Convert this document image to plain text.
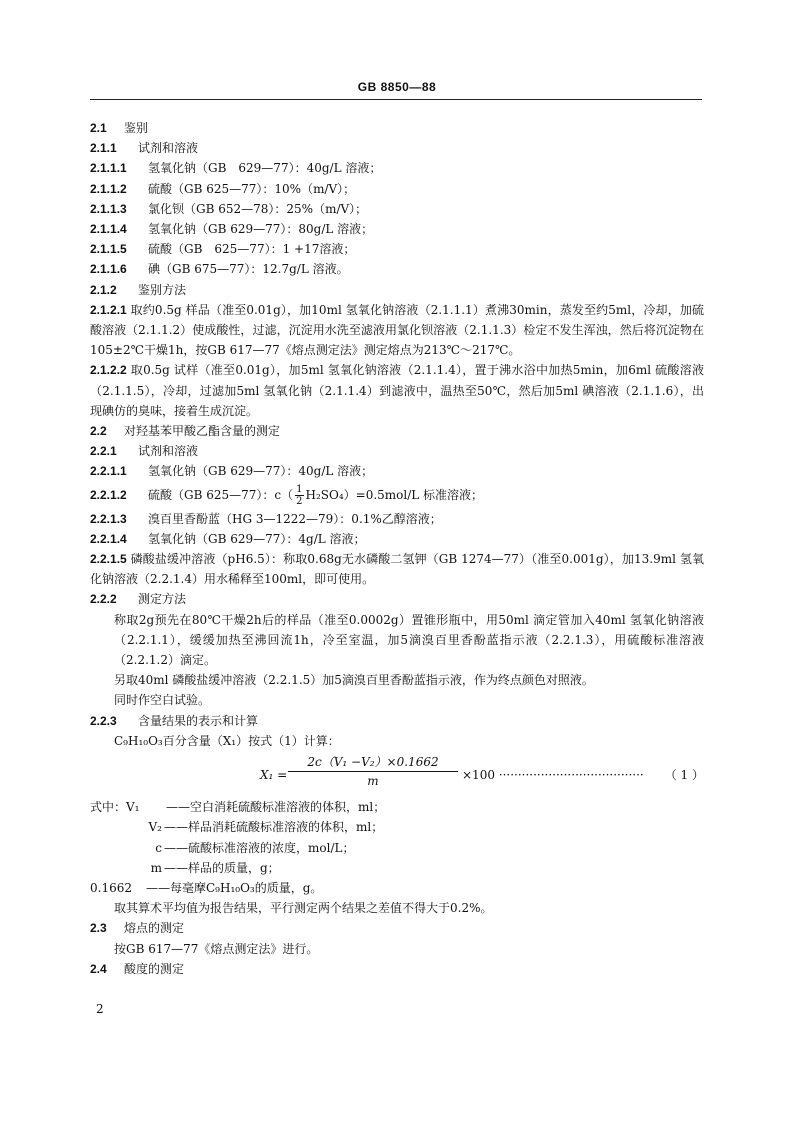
GB 8850—88
2.1	鉴别
2.1.1	试剂和溶液
2.1.1.1	氢氧化钠（GB　629—77）：40g/L 溶液；
2.1.1.2	硫酸（GB 625—77）：10%（m/V）；
2.1.1.3	氯化钡（GB 652—78）：25%（m/V）；
2.1.1.4	氢氧化钠（GB 629—77）：80g/L 溶液；
2.1.1.5	硫酸（GB　625—77）：1 +17溶液；
2.1.1.6	碘（GB 675—77）：12.7g/L 溶液。
2.1.2	鉴别方法
2.1.2.1 取约0.5g 样品（准至0.01g），加10ml 氢氧化钠溶液（2.1.1.1）煮沸30min，蒸发至约5ml，冷却，加硫酸溶液（2.1.1.2）使成酸性，过滤，沉淀用水洗至滤液用氯化钡溶液（2.1.1.3）检定不发生浑浊，然后将沉淀物在105±2℃干燥1h，按GB 617—77《熔点测定法》测定熔点为213℃～217℃。
2.1.2.2 取0.5g 试样（准至0.01g），加5ml 氢氧化钠溶液（2.1.1.4），置于沸水浴中加热5min，加6ml 硫酸溶液（2.1.1.5），冷却，过滤加5ml 氢氧化钠（2.1.1.4）到滤液中，温热至50℃，然后加5ml 碘溶液（2.1.1.6），出现碘仿的臭味，接着生成沉淀。
2.2	对羟基苯甲酸乙酯含量的测定
2.2.1	试剂和溶液
2.2.1.1	氢氧化钠（GB 629—77）：40g/L 溶液；
2.2.1.2	硫酸（GB 625—77）：$c( \frac{1}{2} H_2SO_4)=0.5mol/L$ 标准溶液；
2.2.1.3	溴百里香酚蓝（HG 3—1222—79）：0.1%乙醇溶液；
2.2.1.4	氢氧化钠（GB 629—77）：4g/L 溶液；
2.2.1.5 磷酸盐缓冲溶液（pH6.5）：称取0.68g无水磷酸二氢钾（GB 1274—77）（准至0.001g），加13.9ml 氢氧化钠溶液（2.2.1.4）用水稀释至100ml，即可使用。
2.2.2	测定方法
称取2g预先在80℃干燥2h后的样品（准至0.0002g）置锥形瓶中，用50ml 滴定管加入40ml 氢氧化钠溶液（2.2.1.1），缓缓加热至沸回流1h，冷至室温，加5滴溴百里香酚蓝指示液（2.2.1.3），用硫酸标准溶液（2.2.1.2）滴定。
另取40ml 磷酸盐缓冲溶液（2.2.1.5）加5滴溴百里香酚蓝指示液，作为终点颜色对照液。
同时作空白试验。
2.2.3	含量结果的表示和计算
C₉H₁₀O₃百分含量（X₁）按式（1）计算：
$X_1 = \frac{\text{2c（V₁ −V₂）×0.1662}}{m} \times 100$ ······································ （ 1 ）
式中：V₁	——空白消耗硫酸标准溶液的体积，ml；
V₂ ——样品消耗硫酸标准溶液的体积，ml；
c ——硫酸标准溶液的浓度，mol/L；
m ——样品的质量，g；
0.1662	——每毫摩C₉H₁₀O₃的质量，g。
取其算术平均值为报告结果，平行测定两个结果之差值不得大于0.2%。
2.3	熔点的测定
按GB 617—77《熔点测定法》进行。
2.4	酸度的测定
2
